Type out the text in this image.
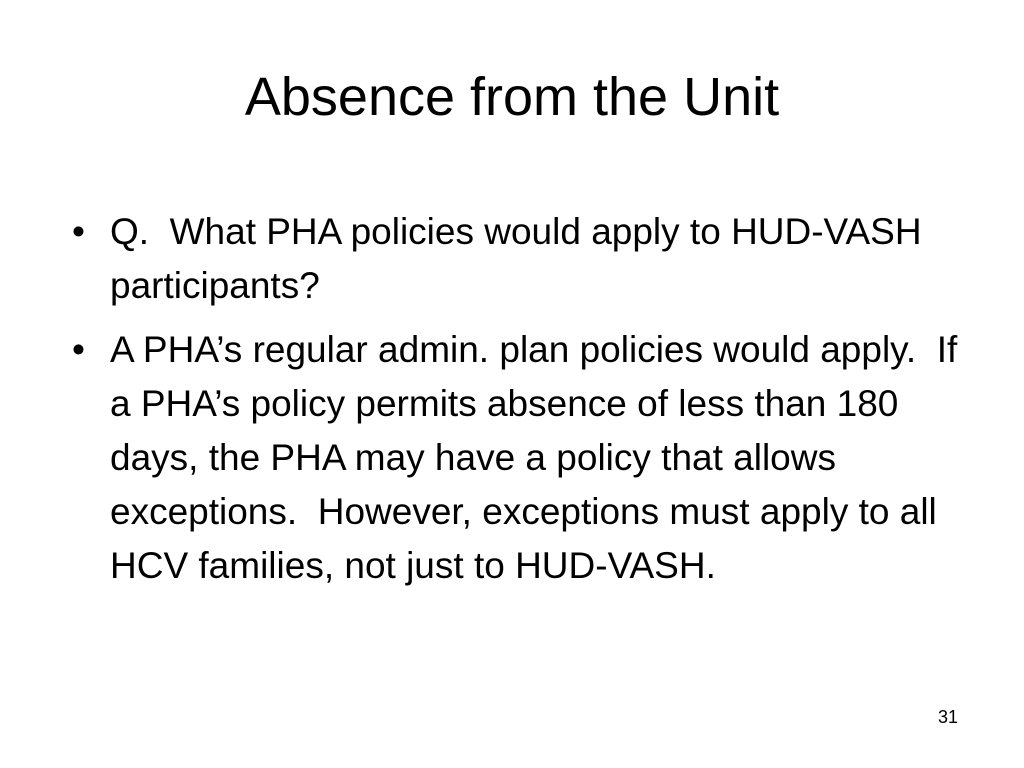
Absence from the Unit
• Q.  What PHA policies would apply to HUD-VASH participants?
• A PHA’s regular admin. plan policies would apply.  If a PHA’s policy permits absence of less than 180 days, the PHA may have a policy that allows exceptions.  However, exceptions must apply to all HCV families, not just to HUD-VASH.
31
